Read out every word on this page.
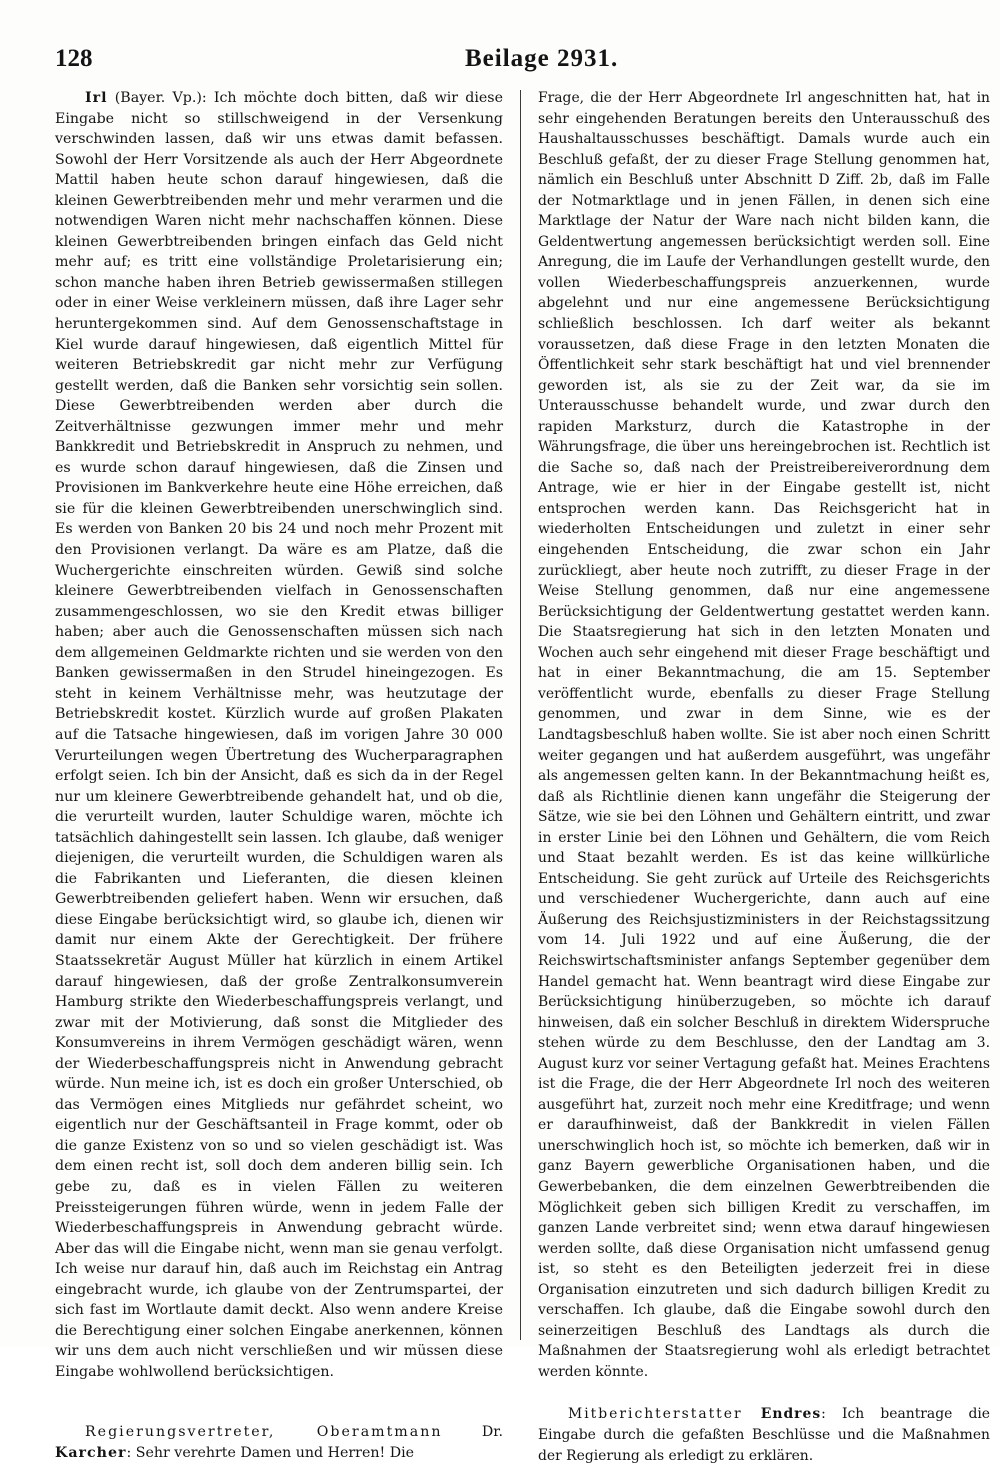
128	Beilage 2931.

Irl (Bayer. Vp.): Ich möchte doch bitten, daß wir diese Eingabe nicht so stillschweigend in der Versenkung verschwinden lassen, daß wir uns etwas damit befassen. Sowohl der Herr Vorsitzende als auch der Herr Abgeordnete Mattil haben heute schon darauf hingewiesen, daß die kleinen Gewerbtreibenden mehr und mehr verarmen und die notwendigen Waren nicht mehr nachschaffen können. Diese kleinen Gewerbtreibenden bringen einfach das Geld nicht mehr auf; es tritt eine vollständige Proletarisierung ein; schon manche haben ihren Betrieb gewissermaßen stillegen oder in einer Weise verkleinern müssen, daß ihre Lager sehr heruntergekommen sind. Auf dem Genossenschaftstage in Kiel wurde darauf hingewiesen, daß eigentlich Mittel für weiteren Betriebskredit gar nicht mehr zur Verfügung gestellt werden, daß die Banken sehr vorsichtig sein sollen. Diese Gewerbtreibenden werden aber durch die Zeitverhältnisse gezwungen immer mehr und mehr Bankkredit und Betriebskredit in Anspruch zu nehmen, und es wurde schon darauf hingewiesen, daß die Zinsen und Provisionen im Bankverkehre heute eine Höhe erreichen, daß sie für die kleinen Gewerbtreibenden unerschwinglich sind. Es werden von Banken 20 bis 24 und noch mehr Prozent mit den Provisionen verlangt. Da wäre es am Platze, daß die Wuchergerichte einschreiten würden. Gewiß sind solche kleinere Gewerbtreibenden vielfach in Genossenschaften zusammengeschlossen, wo sie den Kredit etwas billiger haben; aber auch die Genossenschaften müssen sich nach dem allgemeinen Geldmarkte richten und sie werden von den Banken gewissermaßen in den Strudel hineingezogen. Es steht in keinem Verhältnisse mehr, was heutzutage der Betriebskredit kostet. Kürzlich wurde auf großen Plakaten auf die Tatsache hingewiesen, daß im vorigen Jahre 30 000 Verurteilungen wegen Übertretung des Wucherparagraphen erfolgt seien. Ich bin der Ansicht, daß es sich da in der Regel nur um kleinere Gewerbtreibende gehandelt hat, und ob die, die verurteilt wurden, lauter Schuldige waren, möchte ich tatsächlich dahingestellt sein lassen. Ich glaube, daß weniger diejenigen, die verurteilt wurden, die Schuldigen waren als die Fabrikanten und Lieferanten, die diesen kleinen Gewerbtreibenden geliefert haben. Wenn wir ersuchen, daß diese Eingabe berücksichtigt wird, so glaube ich, dienen wir damit nur einem Akte der Gerechtigkeit. Der frühere Staatssekretär August Müller hat kürzlich in einem Artikel darauf hingewiesen, daß der große Zentralkonsumverein Hamburg strikte den Wiederbeschaffungspreis verlangt, und zwar mit der Motivierung, daß sonst die Mitglieder des Konsumvereins in ihrem Vermögen geschädigt wären, wenn der Wiederbeschaffungspreis nicht in Anwendung gebracht würde. Nun meine ich, ist es doch ein großer Unterschied, ob das Vermögen eines Mitglieds nur gefährdet scheint, wo eigentlich nur der Geschäftsanteil in Frage kommt, oder ob die ganze Existenz von so und so vielen geschädigt ist. Was dem einen recht ist, soll doch dem anderen billig sein. Ich gebe zu, daß es in vielen Fällen zu weiteren Preissteigerungen führen würde, wenn in jedem Falle der Wiederbeschaffungspreis in Anwendung gebracht würde. Aber das will die Eingabe nicht, wenn man sie genau verfolgt. Ich weise nur darauf hin, daß auch im Reichstag ein Antrag eingebracht wurde, ich glaube von der Zentrumspartei, der sich fast im Wortlaute damit deckt. Also wenn andere Kreise die Berechtigung einer solchen Eingabe anerkennen, können wir uns dem auch nicht verschließen und wir müssen diese Eingabe wohlwollend berücksichtigen.

Regierungsvertreter, Oberamtmann	Dr. Karcher: Sehr verehrte Damen und Herren! Die

Frage, die der Herr Abgeordnete Irl angeschnitten hat, hat in sehr eingehenden Beratungen bereits den Unterausschuß des Haushaltausschusses beschäftigt. Damals wurde auch ein Beschluß gefaßt, der zu dieser Frage Stellung genommen hat, nämlich ein Beschluß unter Abschnitt D Ziff. 2b, daß im Falle der Notmarktlage und in jenen Fällen, in denen sich eine Marktlage der Natur der Ware nach nicht bilden kann, die Geldentwertung angemessen berücksichtigt werden soll. Eine Anregung, die im Laufe der Verhandlungen gestellt wurde, den vollen Wiederbeschaffungspreis anzuerkennen, wurde abgelehnt und nur eine angemessene Berücksichtigung schließlich beschlossen. Ich darf weiter als bekannt voraussetzen, daß diese Frage in den letzten Monaten die Öffentlichkeit sehr stark beschäftigt hat und viel brennender geworden ist, als sie zu der Zeit war, da sie im Unterausschusse behandelt wurde, und zwar durch den rapiden Marksturz, durch die Katastrophe in der Währungsfrage, die über uns hereingebrochen ist. Rechtlich ist die Sache so, daß nach der Preistreibereiverordnung dem Antrage, wie er hier in der Eingabe gestellt ist, nicht entsprochen werden kann. Das Reichsgericht hat in wiederholten Entscheidungen und zuletzt in einer sehr eingehenden Entscheidung, die zwar schon ein Jahr zurückliegt, aber heute noch zutrifft, zu dieser Frage in der Weise Stellung genommen, daß nur eine angemessene Berücksichtigung der Geldentwertung gestattet werden kann. Die Staatsregierung hat sich in den letzten Monaten und Wochen auch sehr eingehend mit dieser Frage beschäftigt und hat in einer Bekanntmachung, die am 15. September veröffentlicht wurde, ebenfalls zu dieser Frage Stellung genommen, und zwar in dem Sinne, wie es der Landtagsbeschluß haben wollte. Sie ist aber noch einen Schritt weiter gegangen und hat außerdem ausgeführt, was ungefähr als angemessen gelten kann. In der Bekanntmachung heißt es, daß als Richtlinie dienen kann ungefähr die Steigerung der Sätze, wie sie bei den Löhnen und Gehältern eintritt, und zwar in erster Linie bei den Löhnen und Gehältern, die vom Reich und Staat bezahlt werden. Es ist das keine willkürliche Entscheidung. Sie geht zurück auf Urteile des Reichsgerichts und verschiedener Wuchergerichte, dann auch auf eine Äußerung des Reichsjustizministers in der Reichstagssitzung vom 14. Juli 1922 und auf eine Äußerung, die der Reichswirtschaftsminister anfangs September gegenüber dem Handel gemacht hat. Wenn beantragt wird diese Eingabe zur Berücksichtigung hinüberzugeben, so möchte ich darauf hinweisen, daß ein solcher Beschluß in direktem Widerspruche stehen würde zu dem Beschlusse, den der Landtag am 3. August kurz vor seiner Vertagung gefaßt hat. Meines Erachtens ist die Frage, die der Herr Abgeordnete Irl noch des weiteren ausgeführt hat, zurzeit noch mehr eine Kreditfrage; und wenn er daraufhinweist, daß der Bankkredit in vielen Fällen unerschwinglich hoch ist, so möchte ich bemerken, daß wir in ganz Bayern gewerbliche Organisationen haben, und die Gewerbebanken, die dem einzelnen Gewerbtreibenden die Möglichkeit geben sich billigen Kredit zu verschaffen, im ganzen Lande verbreitet sind; wenn etwa darauf hingewiesen werden sollte, daß diese Organisation nicht umfassend genug ist, so steht es den Beteiligten jederzeit frei in diese Organisation einzutreten und sich dadurch billigen Kredit zu verschaffen. Ich glaube, daß die Eingabe sowohl durch den seinerzeitigen Beschluß des Landtags als durch die Maßnahmen der Staatsregierung wohl als erledigt betrachtet werden könnte.

Mitberichterstatter Endres: Ich beantrage die Eingabe durch die gefaßten Beschlüsse und die Maßnahmen der Regierung als erledigt zu erklären.
